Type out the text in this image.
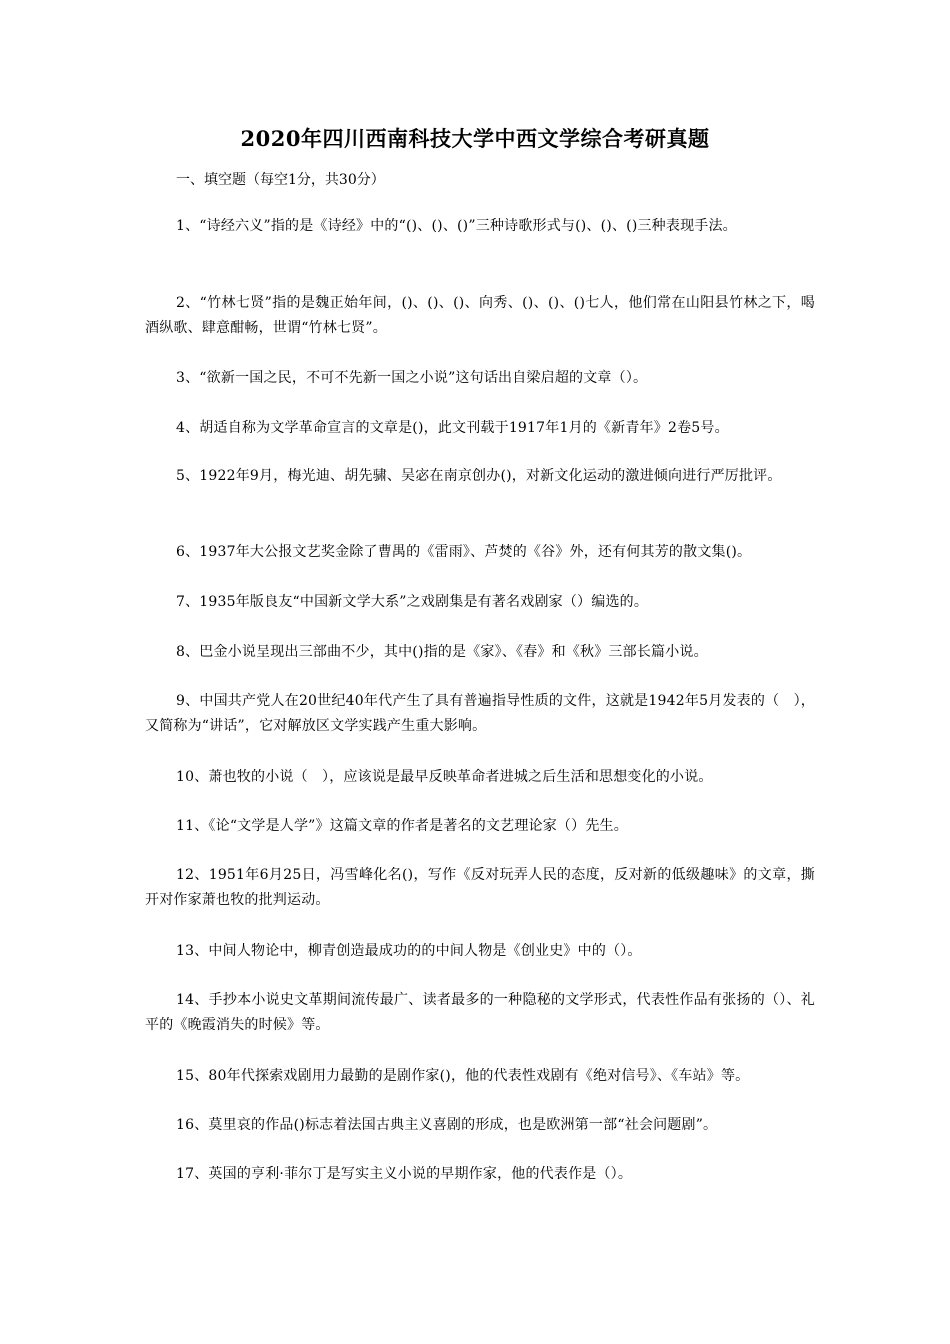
2020年四川西南科技大学中西文学综合考研真题
一、填空题（每空1分，共30分）
1、“诗经六义”指的是《诗经》中的“()、()、()”三种诗歌形式与()、()、()三种表现手法。
2、“竹林七贤”指的是魏正始年间，()、()、()、向秀、()、()、()七人，他们常在山阳县竹林之下，喝酒纵歌、肆意酣畅，世谓“竹林七贤”。
3、“欲新一国之民，不可不先新一国之小说”这句话出自梁启超的文章（）。
4、胡适自称为文学革命宣言的文章是()，此文刊载于1917年1月的《新青年》2卷5号。
5、1922年9月，梅光迪、胡先骕、吴宓在南京创办()，对新文化运动的激进倾向进行严厉批评。
6、1937年大公报文艺奖金除了曹禺的《雷雨》、芦焚的《谷》外，还有何其芳的散文集()。
7、1935年版良友“中国新文学大系”之戏剧集是有著名戏剧家（）编选的。
8、巴金小说呈现出三部曲不少，其中()指的是《家》、《春》和《秋》三部长篇小说。
9、中国共产党人在20世纪40年代产生了具有普遍指导性质的文件，这就是1942年5月发表的（　），又简称为“讲话”，它对解放区文学实践产生重大影响。
10、萧也牧的小说（　），应该说是最早反映革命者进城之后生活和思想变化的小说。
11、《论“文学是人学”》这篇文章的作者是著名的文艺理论家（）先生。
12、1951年6月25日，冯雪峰化名()，写作《反对玩弄人民的态度，反对新的低级趣味》的文章，撕开对作家萧也牧的批判运动。
13、中间人物论中，柳青创造最成功的的中间人物是《创业史》中的（）。
14、手抄本小说史文革期间流传最广、读者最多的一种隐秘的文学形式，代表性作品有张扬的（）、礼平的《晚霞消失的时候》等。
15、80年代探索戏剧用力最勤的是剧作家()，他的代表性戏剧有《绝对信号》、《车站》等。
16、莫里哀的作品()标志着法国古典主义喜剧的形成，也是欧洲第一部“社会问题剧”。
17、英国的亨利·菲尔丁是写实主义小说的早期作家，他的代表作是（）。
